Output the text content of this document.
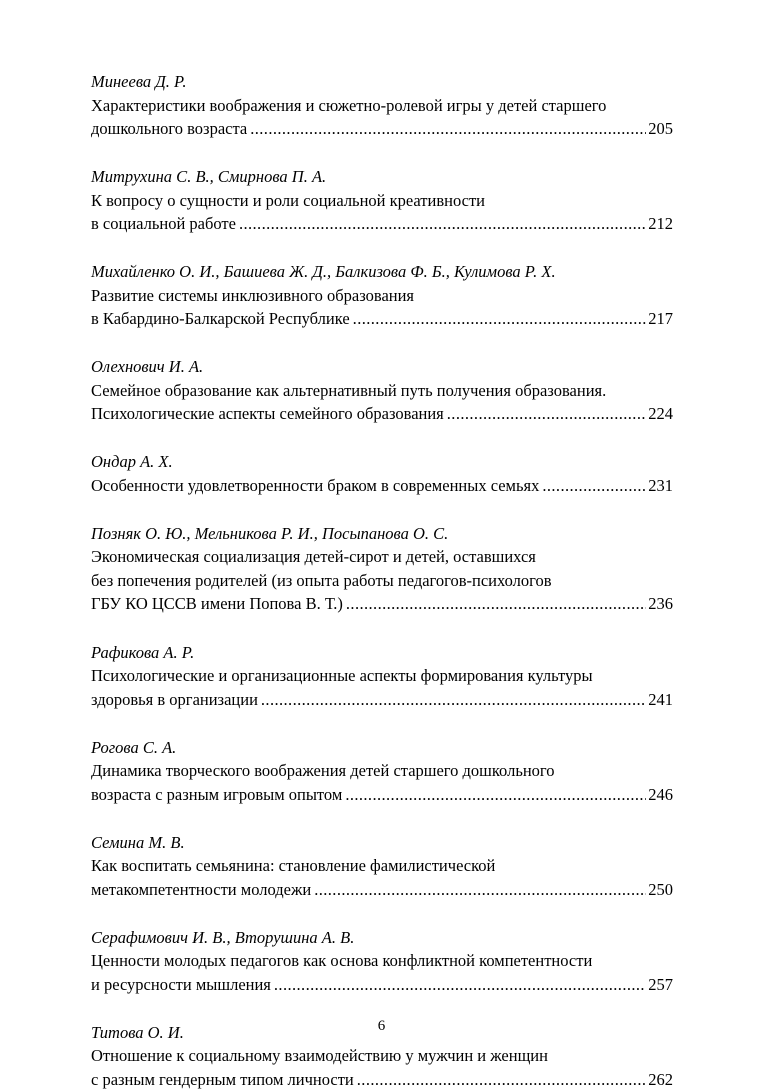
Минеева Д. Р.
Характеристики воображения и сюжетно-ролевой игры у детей старшего
дошкольного возраста .....	205
Митрухина С. В., Смирнова П. А.
К вопросу о сущности и роли социальной креативности
в социальной работе .....	212
Михайленко О. И., Башиева Ж. Д., Балкизова Ф. Б., Кулимова Р. Х.
Развитие системы инклюзивного образования
в Кабардино-Балкарской Республике .....	217
Олехнович И. А.
Семейное образование как альтернативный путь получения образования.
Психологические аспекты семейного образования .....	224
Ондар А. Х.
Особенности удовлетворенности браком в современных семьях .....	231
Позняк О. Ю., Мельникова Р. И., Посыпанова О. С.
Экономическая социализация детей-сирот и детей, оставшихся
без попечения родителей (из опыта работы педагогов-психологов
ГБУ КО ЦССВ имени Попова В. Т.) .....	236
Рафикова А. Р.
Психологические и организационные аспекты формирования культуры
здоровья в организации .....	241
Рогова С. А.
Динамика творческого воображения детей старшего дошкольного
возраста с разным игровым опытом .....	246
Семина М. В.
Как воспитать семьянина: становление фамилистической
метакомпетентности молодежи .....	250
Серафимович И. В., Вторушина А. В.
Ценности молодых педагогов как основа конфликтной компетентности
и ресурсности мышления .....	257
Титова О. И.
Отношение к социальному взаимодействию у мужчин и женщин
с разным гендерным типом личности .....	262
6
